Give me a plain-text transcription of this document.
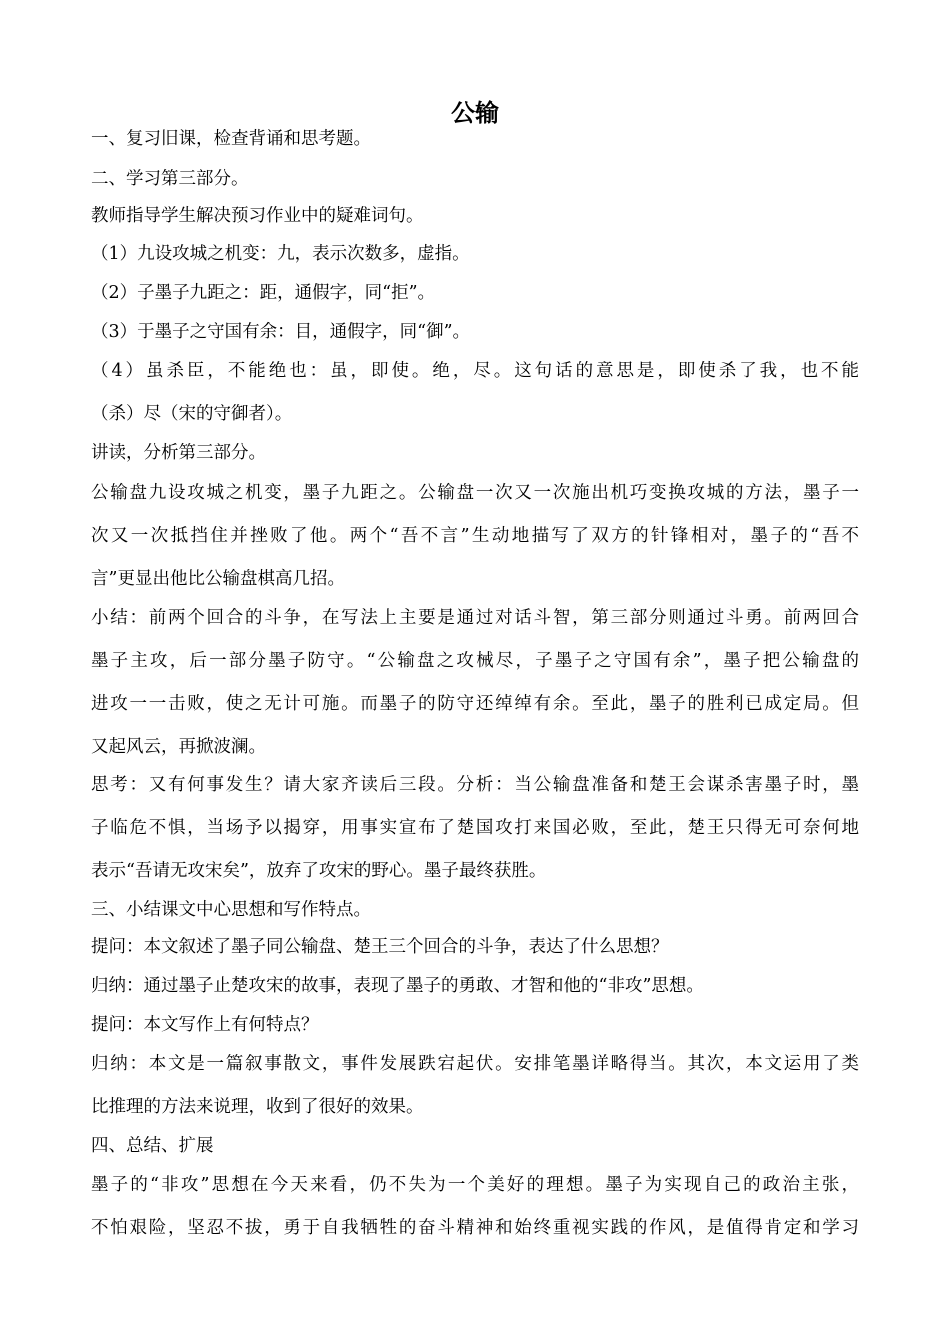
公输
一、复习旧课，检查背诵和思考题。
二、学习第三部分。
教师指导学生解决预习作业中的疑难词句。
（1）九设攻城之机变：九，表示次数多，虚指。
（2）子墨子九距之：距，通假字，同“拒”。
（3）于墨子之守国有余：目，通假字，同“御”。
（4）虽杀臣，不能绝也：虽，即使。绝，尽。这句话的意思是，即使杀了我，也不能
（杀）尽（宋的守御者）。
讲读，分析第三部分。
公输盘九设攻城之机变，墨子九距之。公输盘一次又一次施出机巧变换攻城的方法，墨子一
次又一次抵挡住并挫败了他。两个“吾不言”生动地描写了双方的针锋相对，墨子的“吾不
言”更显出他比公输盘棋高几招。
小结：前两个回合的斗争，在写法上主要是通过对话斗智，第三部分则通过斗勇。前两回合
墨子主攻，后一部分墨子防守。“公输盘之攻械尽，子墨子之守国有余”，墨子把公输盘的
进攻一一击败，使之无计可施。而墨子的防守还绰绰有余。至此，墨子的胜利已成定局。但
又起风云，再掀波澜。
思考：又有何事发生？请大家齐读后三段。分析：当公输盘准备和楚王会谋杀害墨子时，墨
子临危不惧，当场予以揭穿，用事实宣布了楚国攻打来国必败，至此，楚王只得无可奈何地
表示“吾请无攻宋矣”，放弃了攻宋的野心。墨子最终获胜。
三、小结课文中心思想和写作特点。
提问：本文叙述了墨子同公输盘、楚王三个回合的斗争，表达了什么思想？
归纳：通过墨子止楚攻宋的故事，表现了墨子的勇敢、才智和他的“非攻”思想。
提问：本文写作上有何特点？
归纳：本文是一篇叙事散文，事件发展跌宕起伏。安排笔墨详略得当。其次，本文运用了类
比推理的方法来说理，收到了很好的效果。
四、总结、扩展
墨子的“非攻”思想在今天来看，仍不失为一个美好的理想。墨子为实现自己的政治主张，
不怕艰险，坚忍不拔，勇于自我牺牲的奋斗精神和始终重视实践的作风，是值得肯定和学习
